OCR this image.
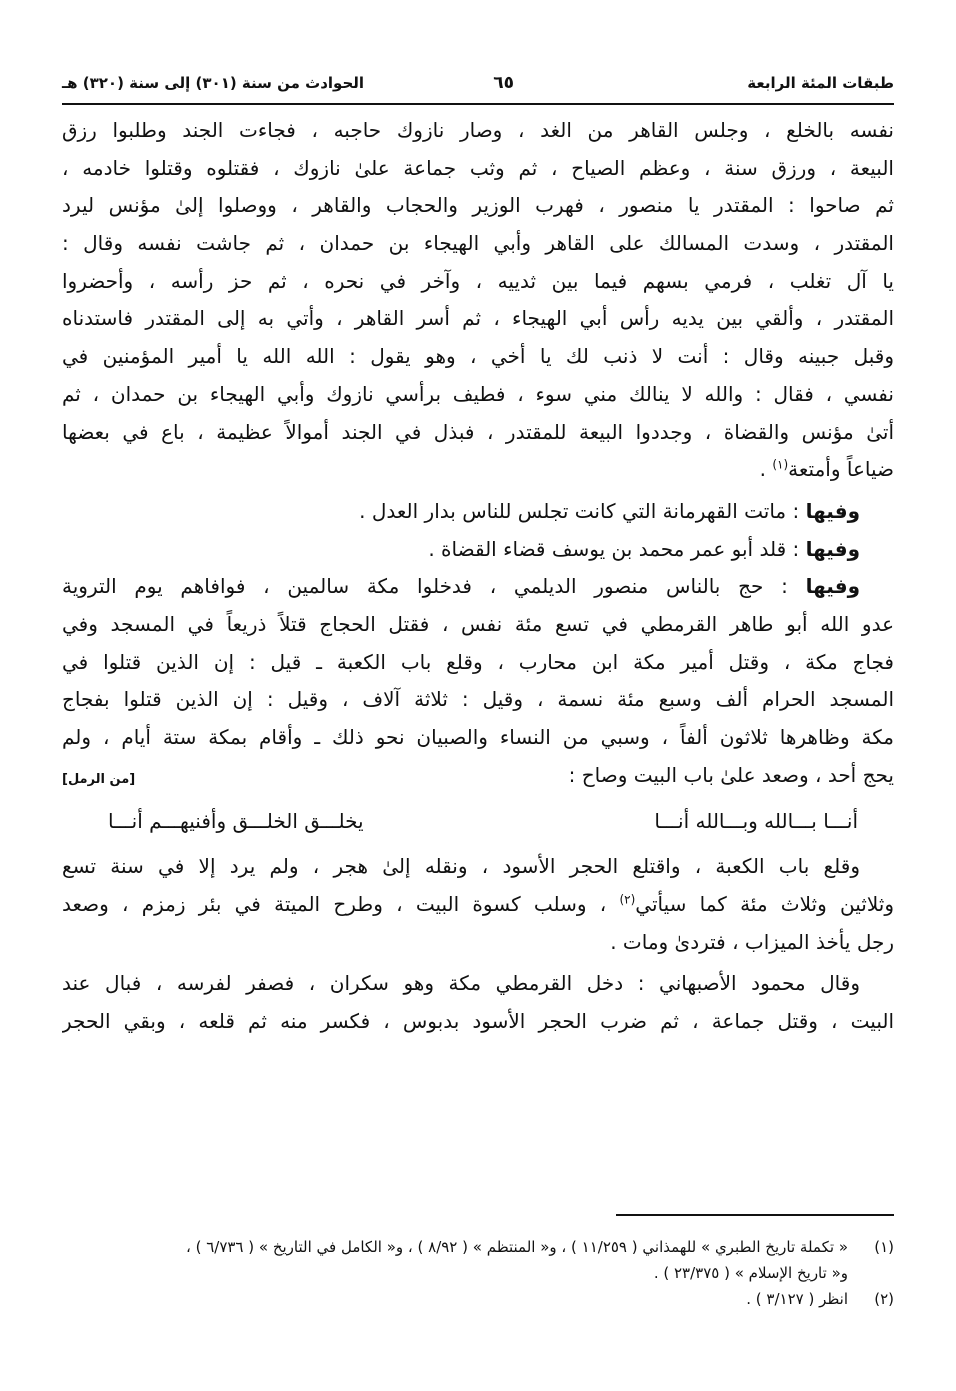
طبقات المئة الرابعة
٦٥
الحوادث من سنة (٣٠١) إلى سنة (٣٢٠) هـ
نفسه بالخلع ، وجلس القاهر من الغد ، وصار نازوك حاجبه ، فجاءت الجند وطلبوا رزق
البيعة ، ورزق سنة ، وعظم الصياح ، ثم وثب جماعة علىٰ نازوك ، فقتلوه وقتلوا خادمه ،
ثم صاحوا : المقتدر يا منصور ، فهرب الوزير والحجاب والقاهر ، ووصلوا إلىٰ مؤنس ليرد
المقتدر ، وسدت المسالك على القاهر وأبي الهيجاء بن حمدان ، ثم جاشت نفسه وقال :
يا آل تغلب ، فرمي بسهم فيما بين ثدييه ، وآخر في نحره ، ثم حز رأسه ، وأحضروا
المقتدر ، وألقي بين يديه رأس أبي الهيجاء ، ثم أسر القاهر ، وأتي به إلى المقتدر فاستدناه
وقبل جبينه وقال : أنت لا ذنب لك يا أخي ، وهو يقول : الله الله يا أمير المؤمنين في
نفسي ، فقال : والله لا ينالك مني سوء ، فطيف برأسي نازوك وأبي الهيجاء بن حمدان ، ثم
أتىٰ مؤنس والقضاة ، وجددوا البيعة للمقتدر ، فبذل في الجند أموالاً عظيمة ، باع في بعضها
ضياعاً وأمتعة$^{(١)}$ .
وفيها : ماتت القهرمانة التي كانت تجلس للناس بدار العدل .
وفيها : قلد أبو عمر محمد بن يوسف قضاء القضاة .
وفيها : حج بالناس منصور الديلمي ، فدخلوا مكة سالمين ، فوافاهم يوم التروية
عدو الله أبو طاهر القرمطي في تسع مئة نفس ، فقتل الحجاج قتلاً ذريعاً في المسجد وفي
فجاج مكة ، وقتل أمير مكة ابن محارب ، وقلع باب الكعبة ـ قيل : إن الذين قتلوا في
المسجد الحرام ألف وسبع مئة نسمة ، وقيل : ثلاثة آلاف ، وقيل : إن الذين قتلوا بفجاج
مكة وظاهرها ثلاثون ألفاً ، وسبي من النساء والصبيان نحو ذلك ـ وأقام بمكة ستة أيام ، ولم
يحج أحد ، وصعد علىٰ باب البيت وصاح :
[من الرمل]
أنـــا بـــالله وبـــالله أنـــا
يخلـــق الخلـــق وأفنيهـــم أنـــا
وقلع باب الكعبة ، واقتلع الحجر الأسود ، ونقله إلىٰ هجر ، ولم يرد إلا في سنة تسع
وثلاثين وثلاث مئة كما سيأتي$^{(٢)}$ ، وسلب كسوة البيت ، وطرح الميتة في بئر زمزم ، وصعد
رجل يأخذ الميزاب ، فتردىٰ ومات .
وقال محمود الأصبهاني : دخل القرمطي مكة وهو سكران ، فصفر لفرسه ، فبال عند
البيت ، وقتل جماعة ، ثم ضرب الحجر الأسود بدبوس ، فكسر منه ثم قلعه ، وبقي الحجر
(١)
« تكملة تاريخ الطبري » للهمذاني ( ١١/٢٥٩ ) ، و« المنتظم » ( ٨/٩٢ ) ، و« الكامل في التاريخ » ( ٦/٧٣٦ ) ،
و« تاريخ الإسلام » ( ٢٣/٣٧٥ ) .
(٢)
انظر ( ٣/١٢٧ ) .
